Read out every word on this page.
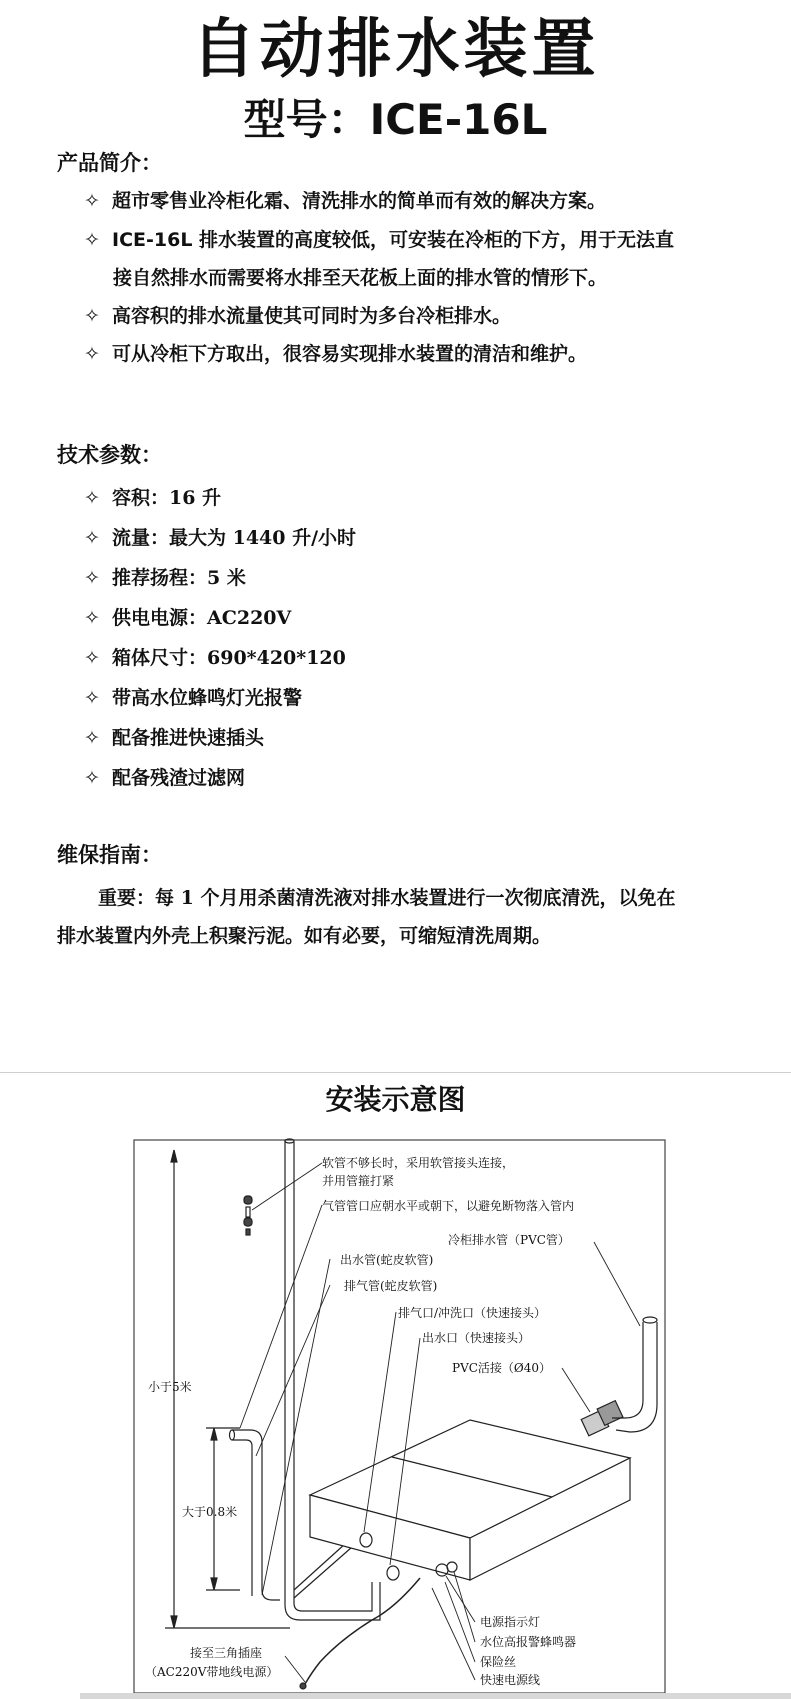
自动排水装置
型号：ICE-16L
产品简介：
✧ 超市零售业冷柜化霜、清洗排水的简单而有效的解决方案。
✧ ICE-16L 排水装置的高度较低，可安装在冷柜的下方，用于无法直
接自然排水而需要将水排至天花板上面的排水管的情形下。
✧ 高容积的排水流量使其可同时为多台冷柜排水。
✧ 可从冷柜下方取出，很容易实现排水装置的清洁和维护。
技术参数：
✧ 容积：16 升
✧ 流量：最大为 1440 升/小时
✧ 推荐扬程：5 米
✧ 供电电源：AC220V
✧ 箱体尺寸：690*420*120
✧ 带高水位蜂鸣灯光报警
✧ 配备推进快速插头
✧ 配备残渣过滤网
维保指南：
重要：每 1 个月用杀菌清洗液对排水装置进行一次彻底清洗，以免在
排水装置内外壳上积聚污泥。如有必要，可缩短清洗周期。
安装示意图
软管不够长时，采用软管接头连接，
并用管箍打紧
气管管口应朝水平或朝下，以避免断物落入管内
冷柜排水管（PVC管）
出水管(蛇皮软管)
排气管(蛇皮软管)
排气口/冲洗口（快速接头）
出水口（快速接头）
PVC活接（Ø40）
小于5米
大于0.8米
电源指示灯
水位高报警蜂鸣器
保险丝
快速电源线
接至三角插座
（AC220V带地线电源）
